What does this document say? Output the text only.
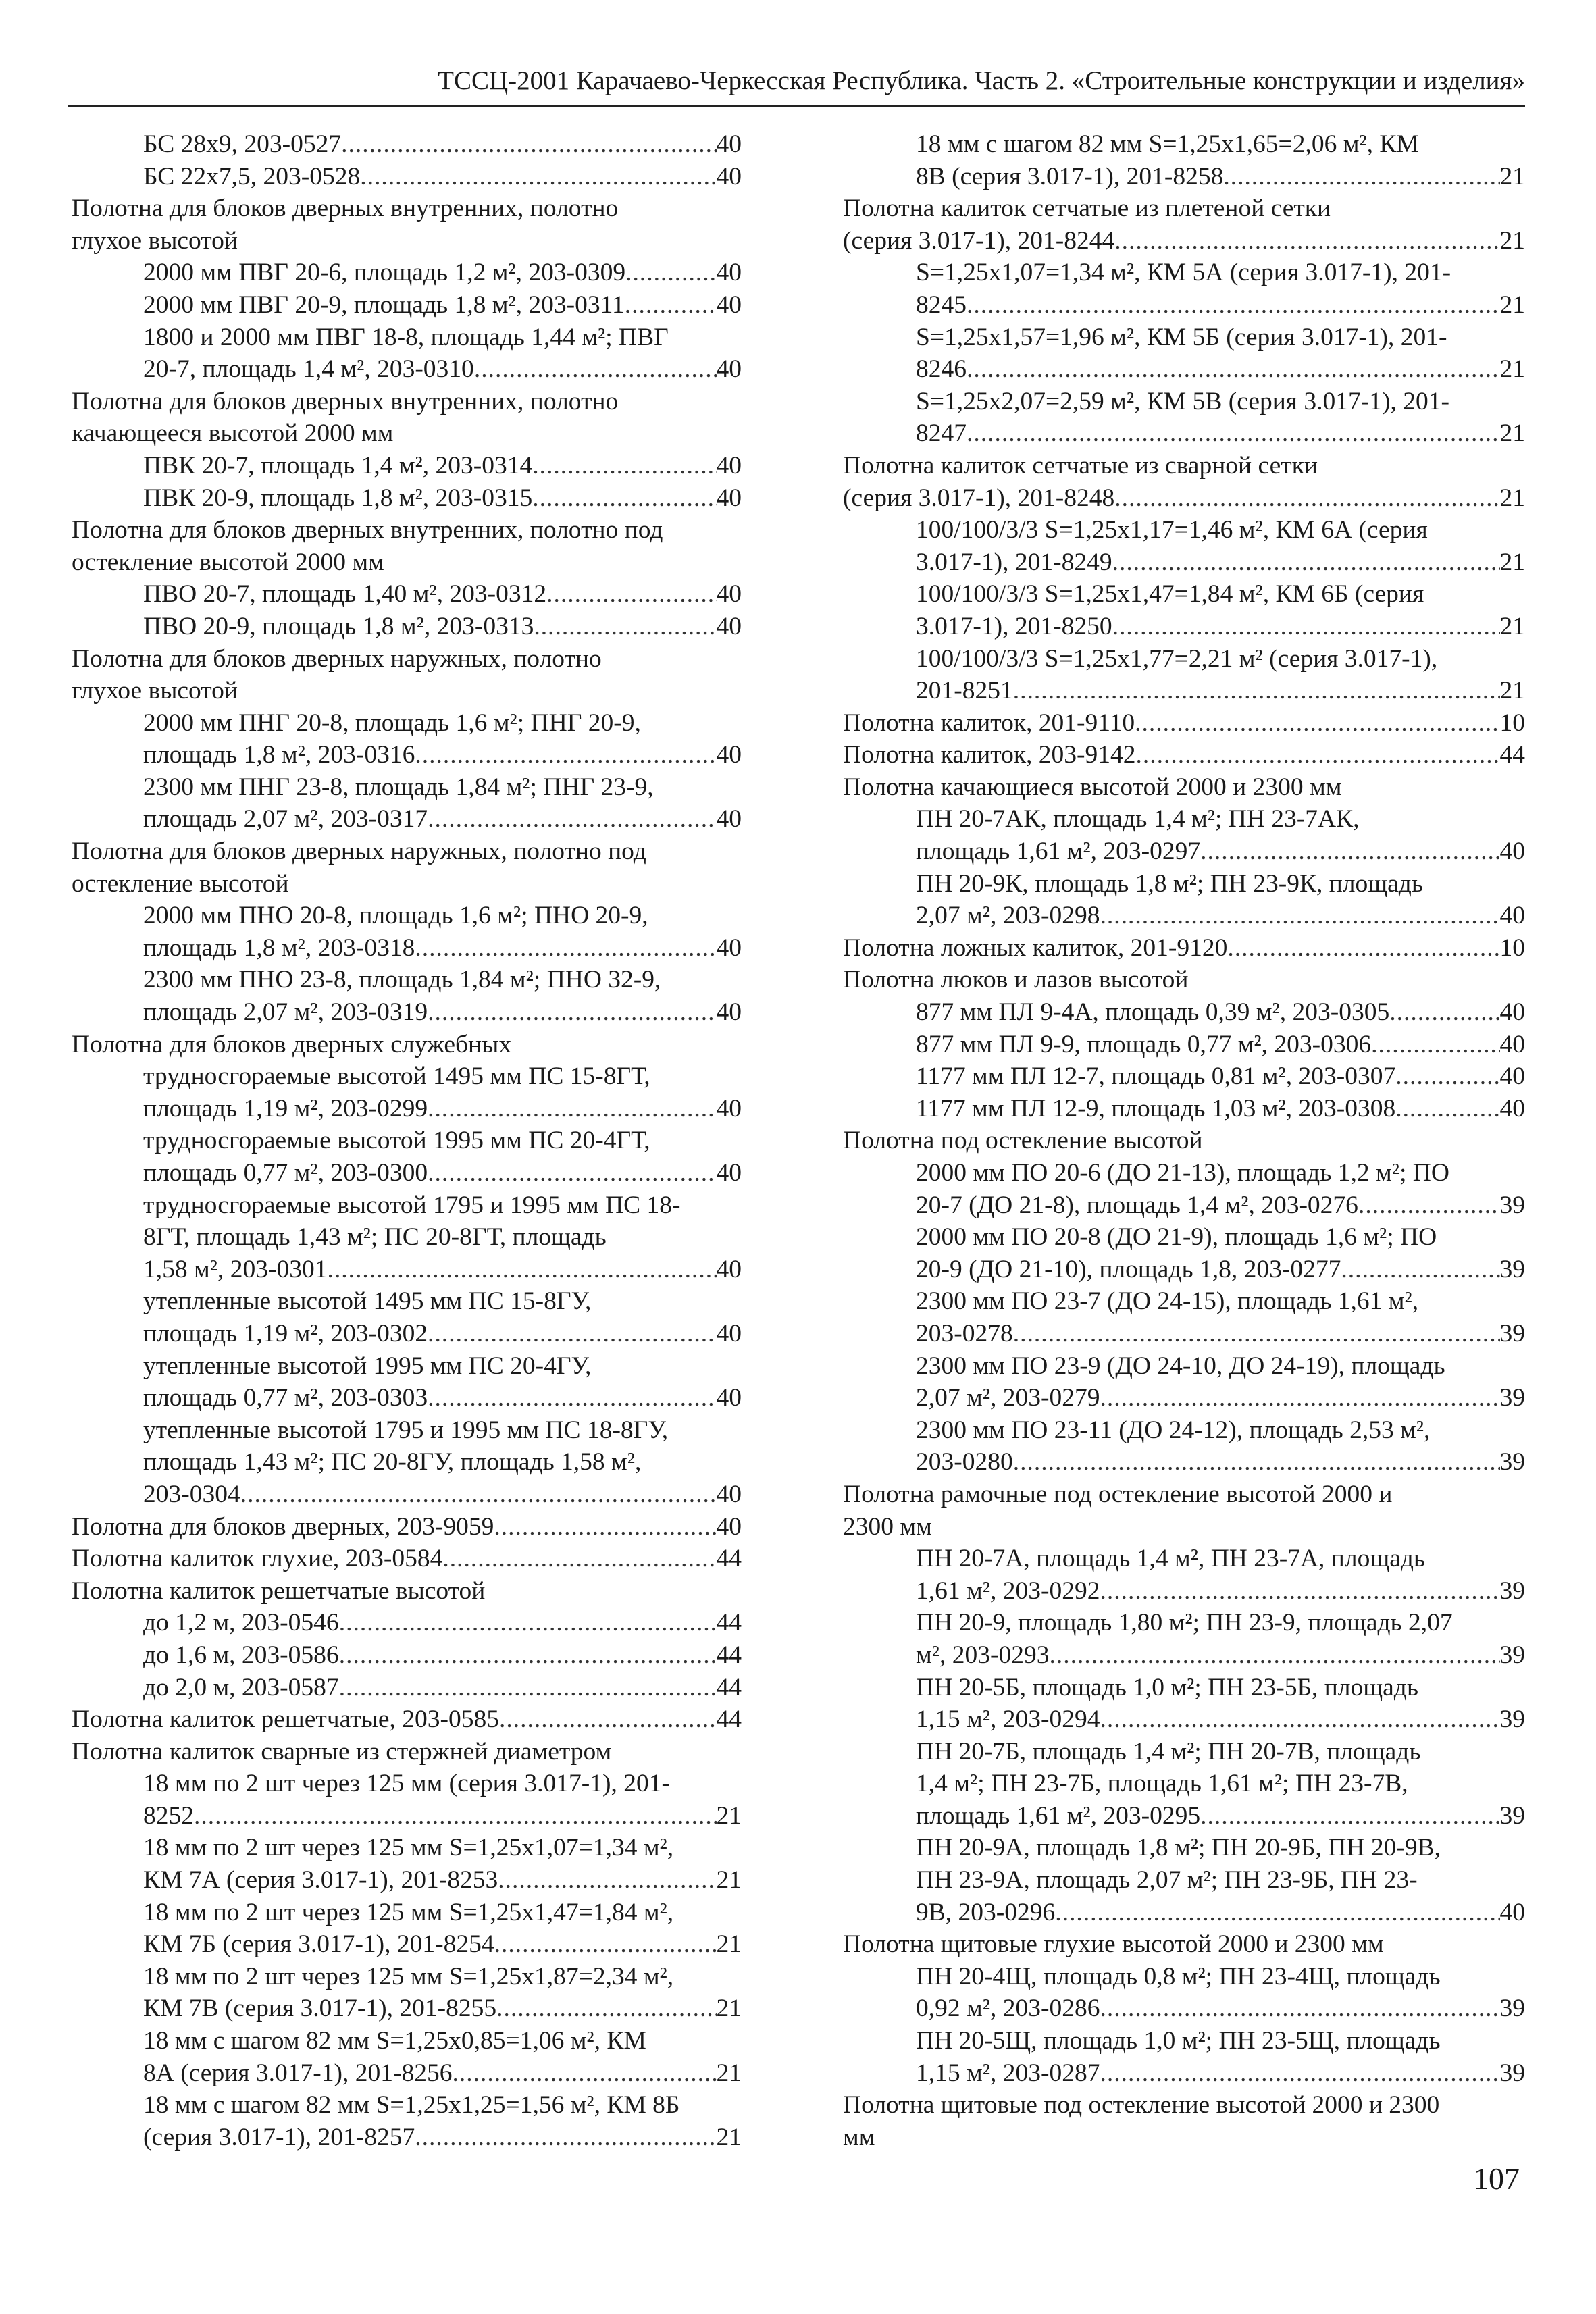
ТССЦ-2001 Карачаево-Черкесская Республика. Часть 2. «Строительные конструкции и изделия»
БС 28х9, 203-0527 .....	40
БС 22х7,5, 203-0528 .....	40
Полотна для блоков дверных внутренних, полотно
глухое высотой
2000 мм ПВГ 20-6, площадь 1,2 м², 203-0309 .....	40
2000 мм ПВГ 20-9, площадь 1,8 м², 203-0311 .....	40
1800 и 2000 мм ПВГ 18-8, площадь 1,44 м²; ПВГ
20-7, площадь 1,4 м², 203-0310 .....	40
Полотна для блоков дверных внутренних, полотно
качающееся высотой 2000 мм
ПВК 20-7, площадь 1,4 м², 203-0314 .....	40
ПВК 20-9, площадь 1,8 м², 203-0315 .....	40
Полотна для блоков дверных внутренних, полотно под
остекление высотой 2000 мм
ПВО 20-7, площадь 1,40 м², 203-0312 .....	40
ПВО 20-9, площадь 1,8 м², 203-0313 .....	40
Полотна для блоков дверных наружных, полотно
глухое высотой
2000 мм ПНГ 20-8, площадь 1,6 м²; ПНГ 20-9,
площадь 1,8 м², 203-0316 .....	40
2300 мм ПНГ 23-8, площадь 1,84 м²; ПНГ 23-9,
площадь 2,07 м², 203-0317 .....	40
Полотна для блоков дверных наружных, полотно под
остекление высотой
2000 мм ПНО 20-8, площадь 1,6 м²; ПНО 20-9,
площадь 1,8 м², 203-0318 .....	40
2300 мм ПНО 23-8, площадь 1,84 м²; ПНО 32-9,
площадь 2,07 м², 203-0319 .....	40
Полотна для блоков дверных служебных
трудносгораемые высотой 1495 мм ПС 15-8ГТ,
площадь 1,19 м², 203-0299 .....	40
трудносгораемые высотой 1995 мм ПС 20-4ГТ,
площадь 0,77 м², 203-0300 .....	40
трудносгораемые высотой 1795 и 1995 мм ПС 18-
8ГТ, площадь 1,43 м²; ПС 20-8ГТ, площадь
1,58 м², 203-0301 .....	40
утепленные высотой 1495 мм ПС 15-8ГУ,
площадь 1,19 м², 203-0302 .....	40
утепленные высотой 1995 мм ПС 20-4ГУ,
площадь 0,77 м², 203-0303 .....	40
утепленные высотой 1795 и 1995 мм ПС 18-8ГУ,
площадь 1,43 м²; ПС 20-8ГУ, площадь 1,58 м²,
203-0304 .....	40
Полотна для блоков дверных, 203-9059 .....	40
Полотна калиток глухие, 203-0584 .....	44
Полотна калиток решетчатые высотой
до 1,2 м, 203-0546 .....	44
до 1,6 м, 203-0586 .....	44
до 2,0 м, 203-0587 .....	44
Полотна калиток решетчатые, 203-0585 .....	44
Полотна калиток сварные из стержней диаметром
18 мм по 2 шт через 125 мм (серия 3.017-1), 201-
8252 .....	21
18 мм по 2 шт через 125 мм S=1,25х1,07=1,34 м²,
КМ 7А (серия 3.017-1), 201-8253 .....	21
18 мм по 2 шт через 125 мм S=1,25х1,47=1,84 м²,
КМ 7Б (серия 3.017-1), 201-8254 .....	21
18 мм по 2 шт через 125 мм S=1,25х1,87=2,34 м²,
КМ 7В (серия 3.017-1), 201-8255 .....	21
18 мм с шагом 82 мм S=1,25х0,85=1,06 м², КМ
8А (серия 3.017-1), 201-8256 .....	21
18 мм с шагом 82 мм S=1,25х1,25=1,56 м², КМ 8Б
(серия 3.017-1), 201-8257 .....	21
18 мм с шагом 82 мм S=1,25х1,65=2,06 м², КМ
8В (серия 3.017-1), 201-8258 .....	21
Полотна калиток сетчатые из плетеной сетки
(серия 3.017-1), 201-8244 .....	21
S=1,25х1,07=1,34 м², КМ 5А (серия 3.017-1), 201-
8245 .....	21
S=1,25х1,57=1,96 м², КМ 5Б (серия 3.017-1), 201-
8246 .....	21
S=1,25х2,07=2,59 м², КМ 5В (серия 3.017-1), 201-
8247 .....	21
Полотна калиток сетчатые из сварной сетки
(серия 3.017-1), 201-8248 .....	21
100/100/3/3 S=1,25х1,17=1,46 м², КМ 6А (серия
3.017-1), 201-8249 .....	21
100/100/3/3 S=1,25х1,47=1,84 м², КМ 6Б (серия
3.017-1), 201-8250 .....	21
100/100/3/3 S=1,25х1,77=2,21 м² (серия 3.017-1),
201-8251 .....	21
Полотна калиток, 201-9110 .....	10
Полотна калиток, 203-9142 .....	44
Полотна качающиеся высотой 2000 и 2300 мм
ПН 20-7АК, площадь 1,4 м²; ПН 23-7АК,
площадь 1,61 м², 203-0297 .....	40
ПН 20-9К, площадь 1,8 м²; ПН 23-9К, площадь
2,07 м², 203-0298 .....	40
Полотна ложных калиток, 201-9120 .....	10
Полотна люков и лазов высотой
877 мм ПЛ 9-4А, площадь 0,39 м², 203-0305 .....	40
877 мм ПЛ 9-9, площадь 0,77 м², 203-0306 .....	40
1177 мм ПЛ 12-7, площадь 0,81 м², 203-0307 .....	40
1177 мм ПЛ 12-9, площадь 1,03 м², 203-0308 .....	40
Полотна под остекление высотой
2000 мм ПО 20-6 (ДО 21-13), площадь 1,2 м²; ПО
20-7 (ДО 21-8), площадь 1,4 м², 203-0276 .....	39
2000 мм ПО 20-8 (ДО 21-9), площадь 1,6 м²; ПО
20-9 (ДО 21-10), площадь 1,8, 203-0277 .....	39
2300 мм ПО 23-7 (ДО 24-15), площадь 1,61 м²,
203-0278 .....	39
2300 мм ПО 23-9 (ДО 24-10, ДО 24-19), площадь
2,07 м², 203-0279 .....	39
2300 мм ПО 23-11 (ДО 24-12), площадь 2,53 м²,
203-0280 .....	39
Полотна рамочные под остекление высотой 2000 и
2300 мм
ПН 20-7А, площадь 1,4 м², ПН 23-7А, площадь
1,61 м², 203-0292 .....	39
ПН 20-9, площадь 1,80 м²; ПН 23-9, площадь 2,07
м², 203-0293 .....	39
ПН 20-5Б, площадь 1,0 м²; ПН 23-5Б, площадь
1,15 м², 203-0294 .....	39
ПН 20-7Б, площадь 1,4 м²; ПН 20-7В, площадь
1,4 м²; ПН 23-7Б, площадь 1,61 м²; ПН 23-7В,
площадь 1,61 м², 203-0295 .....	39
ПН 20-9А, площадь 1,8 м²; ПН 20-9Б, ПН 20-9В,
ПН 23-9А, площадь 2,07 м²; ПН 23-9Б, ПН 23-
9В, 203-0296 .....	40
Полотна щитовые глухие высотой 2000 и 2300 мм
ПН 20-4Щ, площадь 0,8 м²; ПН 23-4Щ, площадь
0,92 м², 203-0286 .....	39
ПН 20-5Щ, площадь 1,0 м²; ПН 23-5Щ, площадь
1,15 м², 203-0287 .....	39
Полотна щитовые под остекление высотой 2000 и 2300
мм
107
